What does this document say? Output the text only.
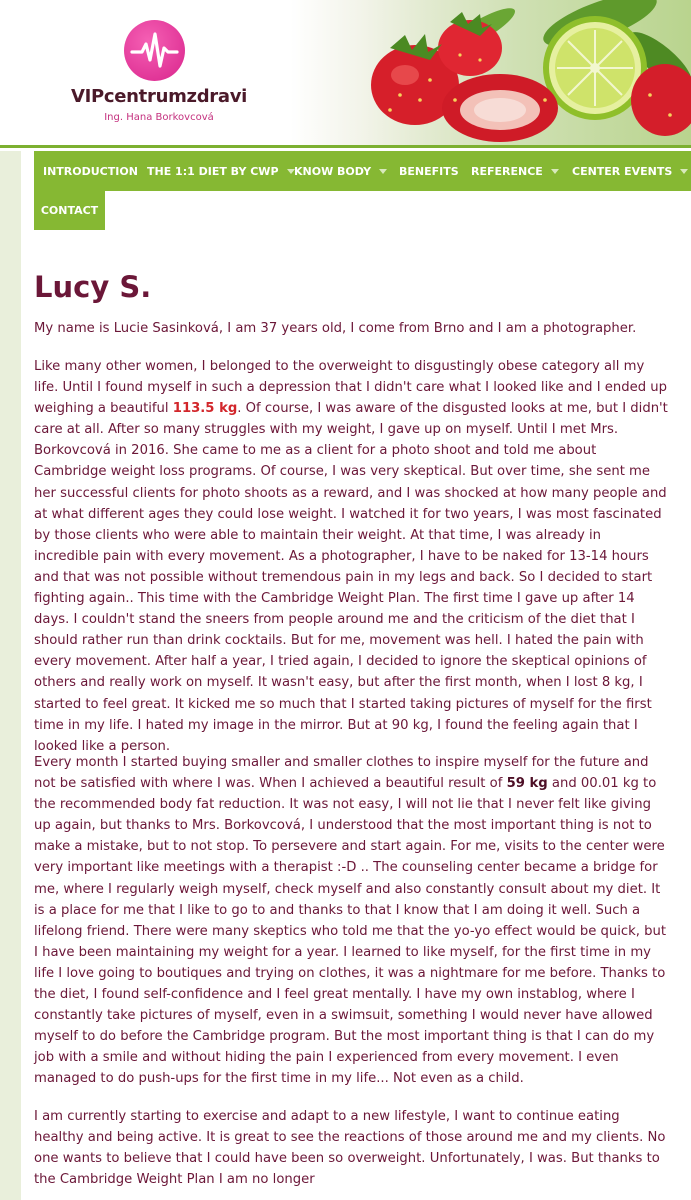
VIPcentrumzdravi
Ing. Hana Borkovcová
INTRODUCTION THE 1:1 DIET BY CWP KNOW BODY	BENEFITS REFERENCE	CENTER EVENTS
CONTACT
Lucy S.

My name is Lucie Sasinková, I am 37 years old, I come from Brno and I am a photographer.

Like many other women, I belonged to the overweight to disgustingly obese category all my life. Until I found myself in such a depression that I didn't care what I looked like and I ended up weighing a beautiful 113.5 kg. Of course, I was aware of the disgusted looks at me, but I didn't care at all. After so many struggles with my weight, I gave up on myself. Until I met Mrs. Borkovcová in 2016. She came to me as a client for a photo shoot and told me about Cambridge weight loss programs. Of course, I was very skeptical. But over time, she sent me her successful clients for photo shoots as a reward, and I was shocked at how many people and at what different ages they could lose weight. I watched it for two years, I was most fascinated by those clients who were able to maintain their weight. At that time, I was already in incredible pain with every movement. As a photographer, I have to be naked for 13-14 hours and that was not possible without tremendous pain in my legs and back. So I decided to start fighting again.. This time with the Cambridge Weight Plan. The first time I gave up after 14 days. I couldn't stand the sneers from people around me and the criticism of the diet that I should rather run than drink cocktails. But for me, movement was hell. I hated the pain with every movement. After half a year, I tried again, I decided to ignore the skeptical opinions of others and really work on myself. It wasn't easy, but after the first month, when I lost 8 kg, I started to feel great. It kicked me so much that I started taking pictures of myself for the first time in my life. I hated my image in the mirror. But at 90 kg, I found the feeling again that I looked like a person.

Every month I started buying smaller and smaller clothes to inspire myself for the future and not be satisfied with where I was. When I achieved a beautiful result of 59 kg and 00.01 kg to the recommended body fat reduction. It was not easy, I will not lie that I never felt like giving up again, but thanks to Mrs. Borkovcová, I understood that the most important thing is not to make a mistake, but to not stop. To persevere and start again. For me, visits to the center were very important like meetings with a therapist :-D .. The counseling center became a bridge for me, where I regularly weigh myself, check myself and also constantly consult about my diet. It is a place for me that I like to go to and thanks to that I know that I am doing it well. Such a lifelong friend. There were many skeptics who told me that the yo-yo effect would be quick, but I have been maintaining my weight for a year. I learned to like myself, for the first time in my life I love going to boutiques and trying on clothes, it was a nightmare for me before. Thanks to the diet, I found self-confidence and I feel great mentally. I have my own instablog, where I constantly take pictures of myself, even in a swimsuit, something I would never have allowed myself to do before the Cambridge program. But the most important thing is that I can do my job with a smile and without hiding the pain I experienced from every movement. I even managed to do push-ups for the first time in my life... Not even as a child.

I am currently starting to exercise and adapt to a new lifestyle, I want to continue eating healthy and being active. It is great to see the reactions of those around me and my clients. No one wants to believe that I could have been so overweight. Unfortunately, I was. But thanks to the Cambridge Weight Plan I am no longer
